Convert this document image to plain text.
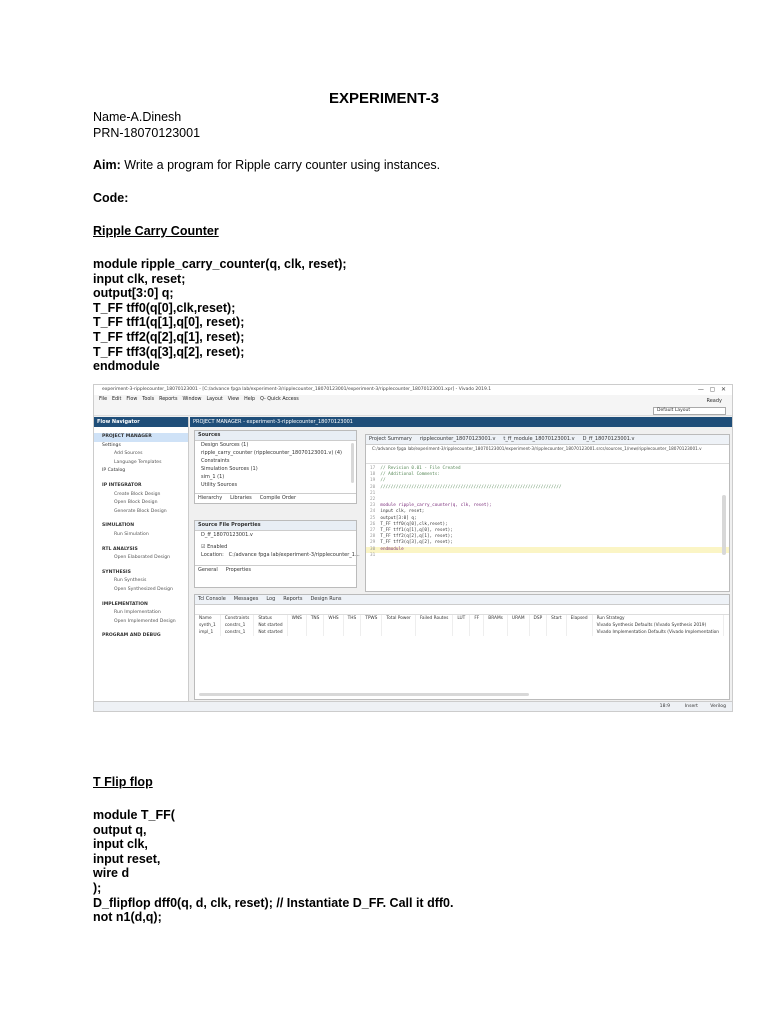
EXPERIMENT-3
Name-A.Dinesh
PRN-18070123001
Aim: Write a program for Ripple carry counter using instances.
Code:
Ripple Carry Counter
module ripple_carry_counter(q, clk, reset);
input clk, reset;
output[3:0] q;
T_FF tff0(q[0],clk,reset);
T_FF tff1(q[1],q[0], reset);
T_FF tff2(q[2],q[1], reset);
T_FF tff3(q[3],q[2], reset);
endmodule
experiment-3-ripplecounter_18070123001 - [C:/advance fpga lab/experiment-3/ripplecounter_18070123001/experiment-3/ripplecounter_18070123001.xpr] - Vivado 2019.1	—   ▢   ✕
File Edit Flow Tools Reports Window Layout View Help Q- Quick Access	Ready
Default Layout
Flow Navigator
PROJECT MANAGER
Settings
Add Sources
Language Templates
IP Catalog
IP INTEGRATOR
Create Block Design
Open Block Design
Generate Block Design
SIMULATION
Run Simulation
RTL ANALYSIS
Open Elaborated Design
SYNTHESIS
Run Synthesis
Open Synthesized Design
IMPLEMENTATION
Run Implementation
Open Implemented Design
PROGRAM AND DEBUG
PROJECT MANAGER - experiment-3-ripplecounter_18070123001
Sources
Design Sources (1)
ripple_carry_counter (ripplecounter_18070123001.v) (4)
Constraints
Simulation Sources (1)
sim_1 (1)
Utility Sources
Hierarchy Libraries Compile Order
Source File Properties
D_ff_18070123001.v
☑ Enabled
Location: C:/advance fpga lab/experiment-3/ripplecounter_1...
General Properties
Project Summary ripplecounter_18070123001.v t_ff_module_18070123001.v D_ff_18070123001.v
C:/advance fpga lab/experiment-3/ripplecounter_18070123001/experiment-3/ripplecounter_18070123001.srcs/sources_1/new/ripplecounter_18070123001.v
17 // Revision 0.01 - File Created
18 // Additional Comments:
19 //
20 //////////////////////////////////////////////////////////////////////
21
22
23 module ripple_carry_counter(q, clk, reset);
24 input clk, reset;
25 output[3:0] q;
26 T_FF tff0(q[0],clk,reset);
27 T_FF tff1(q[1],q[0], reset);
28 T_FF tff2(q[2],q[1], reset);
29 T_FF tff3(q[3],q[2], reset);
30 endmodule
31
Tcl Console Messages Log Reports Design Runs
Name	Constraints	Status	WNS	TNS	WHS	THS	TPWS	Total Power	Failed Routes	LUT	FF	BRAMs	URAM	DSP	Start	Elapsed	Run Strategy
synth_1	constrs_1	Not started															Vivado Synthesis Defaults (Vivado Synthesis 2019)
impl_1	constrs_1	Not started															Vivado Implementation Defaults (Vivado Implementation
18:9	Insert	Verilog
T Flip flop
module T_FF(
output q,
input clk,
input reset,
wire d
);
D_flipflop dff0(q, d, clk, reset); // Instantiate D_FF. Call it dff0.
not n1(d,q);
